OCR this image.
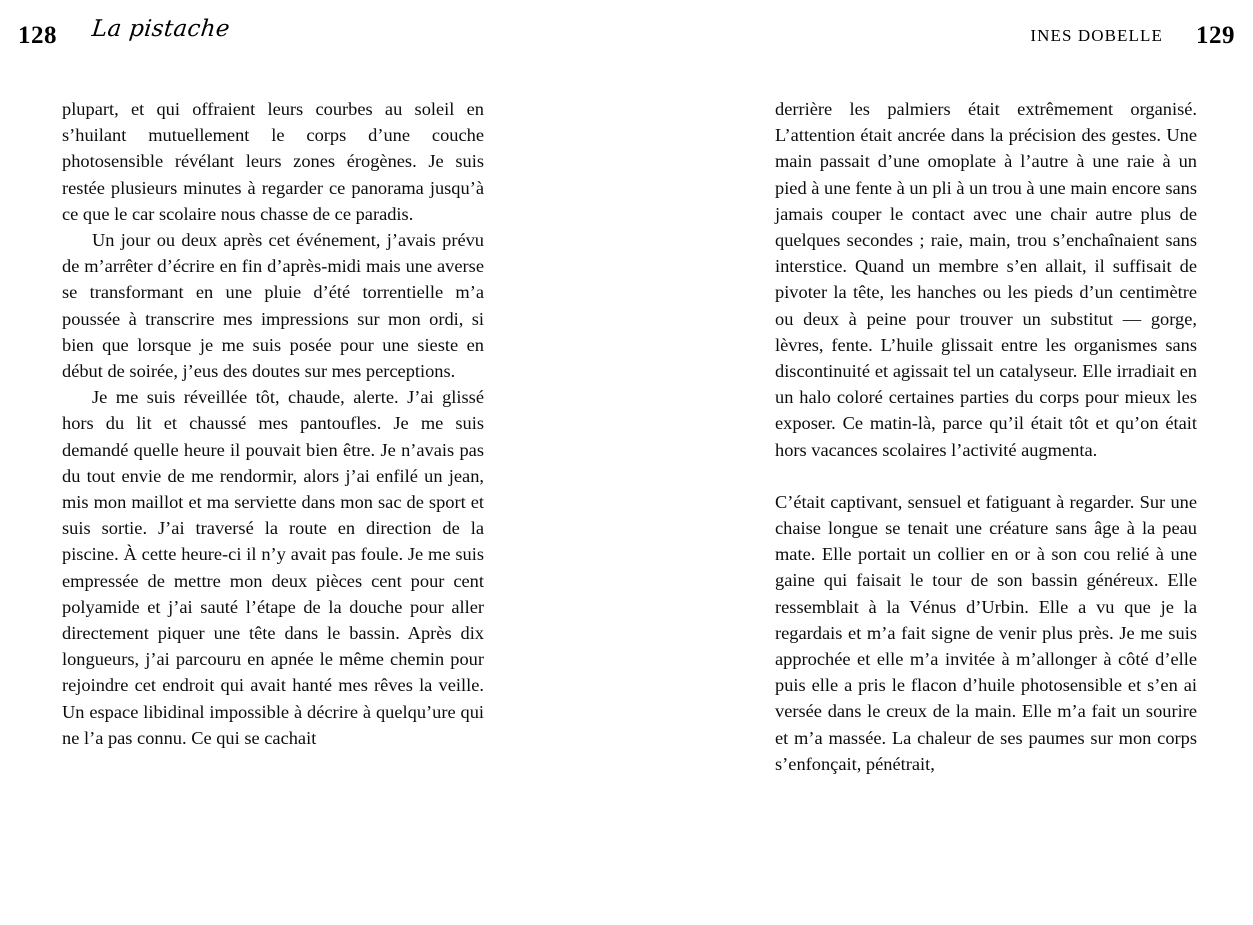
128 La pistache	INES DOBELLE 129

plupart, et qui offraient leurs courbes au soleil en s’huilant mutuellement le corps d’une couche photosensible révélant leurs zones érogènes. Je suis restée plusieurs minutes à regarder ce panorama jusqu’à ce que le car scolaire nous chasse de ce paradis.

Un jour ou deux après cet événement, j’avais prévu de m’arrêter d’écrire en fin d’après-midi mais une averse se transformant en une pluie d’été torrentielle m’a poussée à transcrire mes impressions sur mon ordi, si bien que lorsque je me suis posée pour une sieste en début de soirée, j’eus des doutes sur mes perceptions.

Je me suis réveillée tôt, chaude, alerte. J’ai glissé hors du lit et chaussé mes pantoufles. Je me suis demandé quelle heure il pouvait bien être. Je n’avais pas du tout envie de me rendormir, alors j’ai enfilé un jean, mis mon maillot et ma serviette dans mon sac de sport et suis sortie. J’ai traversé la route en direction de la piscine. À cette heure-ci il n’y avait pas foule. Je me suis empressée de mettre mon deux pièces cent pour cent polyamide et j’ai sauté l’étape de la douche pour aller directement piquer une tête dans le bassin. Après dix longueurs, j’ai parcouru en apnée le même chemin pour rejoindre cet endroit qui avait hanté mes rêves la veille. Un espace libidinal impossible à décrire à quelqu’ure qui ne l’a pas connu. Ce qui se cachait

derrière les palmiers était extrêmement organisé. L’attention était ancrée dans la précision des gestes. Une main passait d’une omoplate à l’autre à une raie à un pied à une fente à un pli à un trou à une main encore sans jamais couper le contact avec une chair autre plus de quelques secondes ; raie, main, trou s’enchaînaient sans interstice. Quand un membre s’en allait, il suffisait de pivoter la tête, les hanches ou les pieds d’un centimètre ou deux à peine pour trouver un substitut — gorge, lèvres, fente. L’huile glissait entre les organismes sans discontinuité et agissait tel un catalyseur. Elle irradiait en un halo coloré certaines parties du corps pour mieux les exposer. Ce matin-là, parce qu’il était tôt et qu’on était hors vacances scolaires l’activité augmenta.

C’était captivant, sensuel et fatiguant à regarder. Sur une chaise longue se tenait une créature sans âge à la peau mate. Elle portait un collier en or à son cou relié à une gaine qui faisait le tour de son bassin généreux. Elle ressemblait à la Vénus d’Urbin. Elle a vu que je la regardais et m’a fait signe de venir plus près. Je me suis approchée et elle m’a invitée à m’allonger à côté d’elle puis elle a pris le flacon d’huile photosensible et s’en ai versée dans le creux de la main. Elle m’a fait un sourire et m’a massée. La chaleur de ses paumes sur mon corps s’enfonçait, pénétrait,
